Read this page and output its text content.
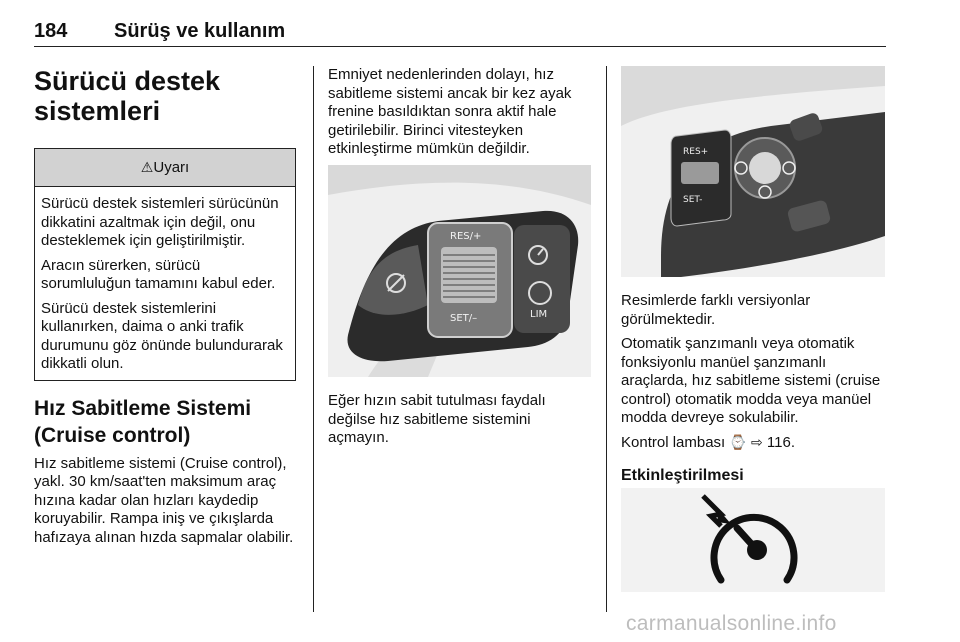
184 Sürüş ve kullanım
Sürücü destek
sistemleri
⚠Uyarı

Sürücü destek sistemleri sürücünün dikkatini azaltmak için değil, onu desteklemek için geliştirilmiştir.

Aracın sürerken, sürücü sorumluluğun tamamını kabul eder.

Sürücü destek sistemlerini kullanırken, daima o anki trafik durumunu göz önünde bulundurarak dikkatli olun.

Hız Sabitleme Sistemi
(Cruise control)

Hız sabitleme sistemi (Cruise control), yakl. 30 km/saat'ten maksimum araç hızına kadar olan hızları kaydedip koruyabilir. Rampa iniş ve çıkışlarda hafızaya alınan hızda sapmalar olabilir.

Emniyet nedenlerinden dolayı, hız sabitleme sistemi ancak bir kez ayak frenine basıldıktan sonra aktif hale getirilebilir. Birinci vitesteyken etkinleştirme mümkün değildir.

RES/+
SET/–	LIM

Eğer hızın sabit tutulması faydalı değilse hız sabitleme sistemini açmayın.

RES+
SET-

Resimlerde farklı versiyonlar görülmektedir.

Otomatik şanzımanlı veya otomatik fonksiyonlu manüel şanzımanlı araçlarda, hız sabitleme sistemi (cruise control) otomatik modda veya manüel modda devreye sokulabilir.

Kontrol lambası ⌚ ⇨ 116.

Etkinleştirilmesi
carmanualsonline.info
